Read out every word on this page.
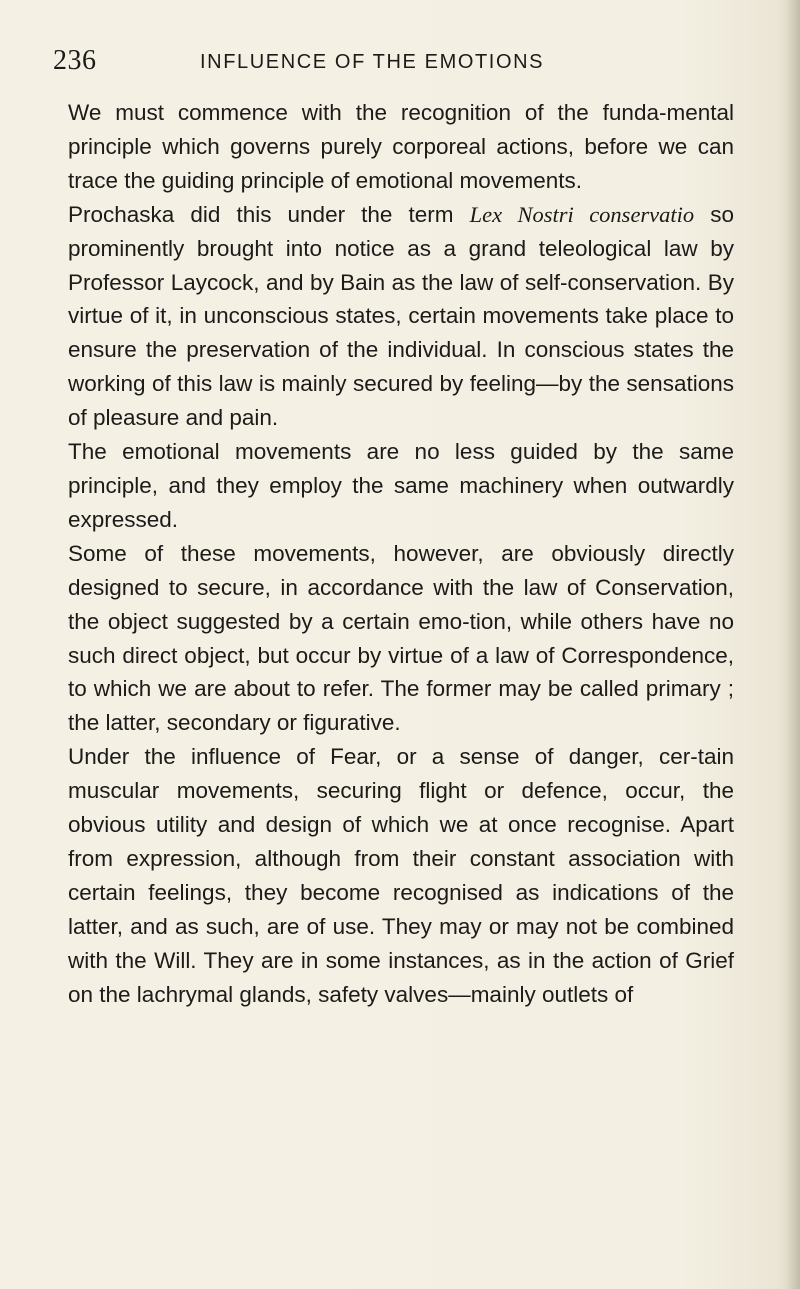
236	INFLUENCE OF THE EMOTIONS

We must commence with the recognition of the funda-mental principle which governs purely corporeal actions, before we can trace the guiding principle of emotional movements.

Prochaska did this under the term Lex Nostri conservatio so prominently brought into notice as a grand teleological law by Professor Laycock, and by Bain as the law of self-conservation. By virtue of it, in unconscious states, certain movements take place to ensure the preservation of the individual. In conscious states the working of this law is mainly secured by feeling—by the sensations of pleasure and pain.

The emotional movements are no less guided by the same principle, and they employ the same machinery when outwardly expressed.

Some of these movements, however, are obviously directly designed to secure, in accordance with the law of Conservation, the object suggested by a certain emo-tion, while others have no such direct object, but occur by virtue of a law of Correspondence, to which we are about to refer. The former may be called primary ; the latter, secondary or figurative.

Under the influence of Fear, or a sense of danger, cer-tain muscular movements, securing flight or defence, occur, the obvious utility and design of which we at once recognise. Apart from expression, although from their constant association with certain feelings, they become recognised as indications of the latter, and as such, are of use. They may or may not be combined with the Will. They are in some instances, as in the action of Grief on the lachrymal glands, safety valves—mainly outlets of
